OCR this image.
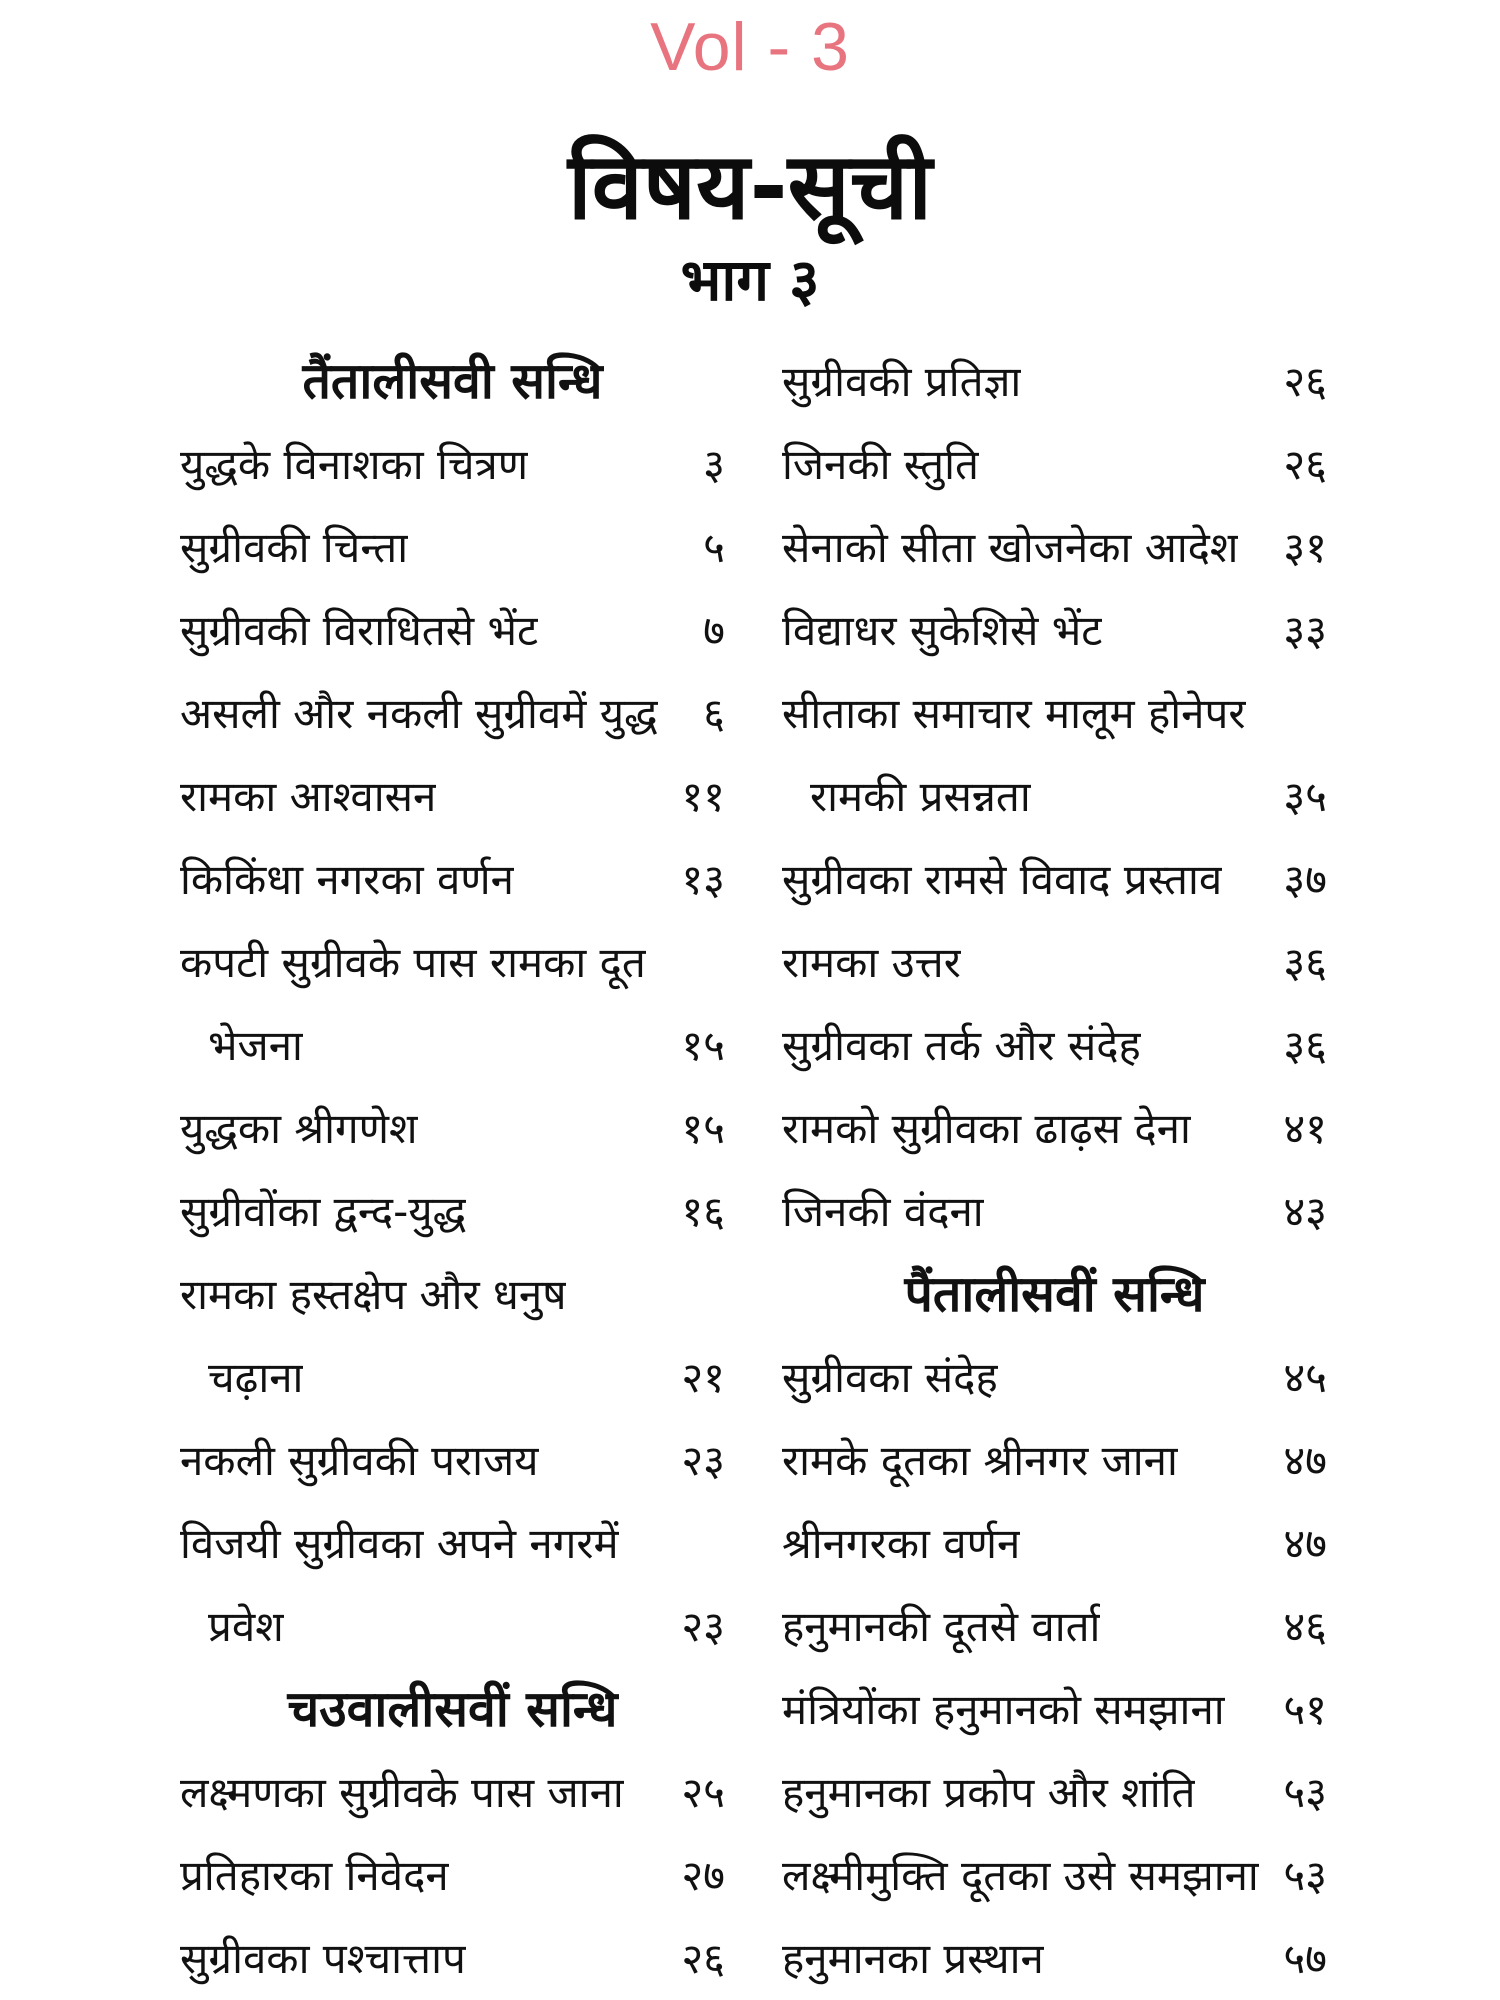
Vol - 3
विषय-सूची
भाग ३
तैंतालीसवी सन्धि
युद्धके विनाशका चित्रण	३
सुग्रीवकी चिन्ता	५
सुग्रीवकी विराधितसे भेंट	७
असली और नकली सुग्रीवमें युद्ध ६
रामका आश्वासन	११
किकिंधा नगरका वर्णन	१३
कपटी सुग्रीवके पास रामका दूत
भेजना	१५
युद्धका श्रीगणेश	१५
सुग्रीवोंका द्वन्द-युद्ध	१६
रामका हस्तक्षेप और धनुष
चढ़ाना	२१
नकली सुग्रीवकी पराजय	२३
विजयी सुग्रीवका अपने नगरमें
प्रवेश	२३
चउवालीसवीं सन्धि
लक्ष्मणका सुग्रीवके पास जाना २५
प्रतिहारका निवेदन	२७
सुग्रीवका पश्चात्ताप	२६
सुग्रीवकी प्रतिज्ञा	२६
जिनकी स्तुति	२६
सेनाको सीता खोजनेका आदेश ३१
विद्याधर सुकेशिसे भेंट	३३
सीताका समाचार मालूम होनेपर
रामकी प्रसन्नता	३५
सुग्रीवका रामसे विवाद प्रस्ताव ३७
रामका उत्तर	३६
सुग्रीवका तर्क और संदेह	३६
रामको सुग्रीवका ढाढ़स देना ४१
जिनकी वंदना	४३
पैंतालीसवीं सन्धि
सुग्रीवका संदेह	४५
रामके दूतका श्रीनगर जाना	४७
श्रीनगरका वर्णन	४७
हनुमानकी दूतसे वार्ता	४६
मंत्रियोंका हनुमानको समझाना ५१
हनुमानका प्रकोप और शांति ५३
लक्ष्मीमुक्ति दूतका उसे समझाना ५३
हनुमानका प्रस्थान	५७
